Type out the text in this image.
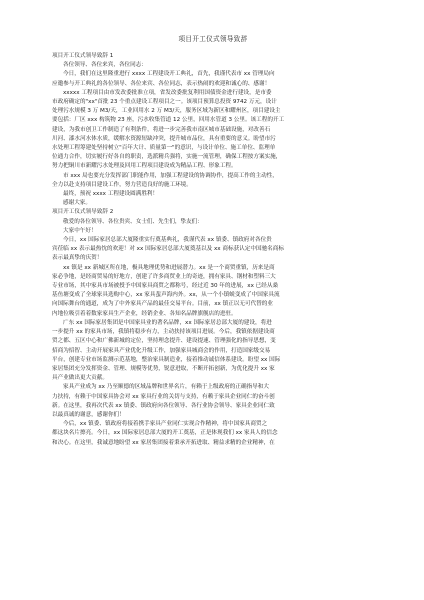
项目开工仪式领导致辞

项目开工仪式领导致辞 1

各位领导、各位来宾，各位同志：

今日，我们在这里隆重进行 xxxx 工程建设开工典礼，首先，我谨代表市 xx 管理局向

应邀参与开工典礼的各位领导、各位来宾、各位同志，表示热闹的欢迎和诚心的、感谢！

xxxxx 工程项目由市发改委批准立项，省发改委批复利用国债资金进行建设，是市委

市政府确定的"xx"首批 23 个重点建设工程项目之一。该项目预算总投资 9742 万元，设计

处理污水规模 3 万 M3/天，工业回用水 2 万 M3/天，服务区域为新区和耀州区，项目建设主

要包括：厂区 xxx 构筑物 23 座，污水收集管道 12 公里，回用水管道 3 公里。该工程的开工

建设，为我市创卫工作制造了有利条件，将进一步完善我市南区城市基础设施，对改善石

川河、漆水河水体水质，缓解水资源短缺冲突，提升城市品位，具有重要的意义。盼望市污

水处理工程筹建处坚持树立"百年大计、质量第一"的意识，与设计单位、施工单位、监理单

位通力合作，切实履行好各自的职责，选派精兵强将，实施一流管理，确保工程按方案实施，

努力把铜川市新耀污水处理及回用工程项目建设成为精品工程、形象工程。

市 xxx 局也要充分发挥部门职能作用，加强工程建设的协调协作，提高工作的主动性，

全力以赴支持项目建设工作，努力营造良好的施工环境。

最终，预祝 xxxx 工程建设圆满胜利！

感谢大家。

项目开工仪式领导致辞 2

敬爱的各位领导、各位贵宾、女士们、先生们，挚友们：

大家中午好！

今日，xx 国际家居总部大厦隆重实行奠基典礼，我谨代表 xx 镇委、镇政府对各位贵

宾莅临 xx 表示最热忱的欢迎！对 xx 国际家居总部大厦奠基以及 xx 商标获认定中国驰名商标

表示最真挚的庆贺！

xx 镇是 xx 新城区所在地，极具地理优势和进展潜力。xx 是一个商贸重镇，历来是商

家必争地，是经商贸易的好地方，创建了许多商贸业上的奇迹，拥有家具、钢材和塑料三大

专业市场，其中家具市场被授予中国家具商贸之都称号，经过近 30 年的进展，xx 已经从桑

基鱼塘变成了全球家具选购中心，xx 家具蜚声海内外。xx，从一个小镇蜕变成了中国家具流

向国际舞台的通道，成为了中外家具产品的最佳交易平台。目前，xx 镇正以无可代替的业

内地位吸引着着数家家具生产企业，经销企业、各知名品牌旗舰店的进驻。

广东 xx 国际家居集团是中国家具业的著名品牌，xx 国际家居总部大厦的建设，将进

一步提升 xx 的家具市场，我镇将稳步有力，主动扶持该项目进展。今后，我镇依据建设商

贸之都、五区中心和广佛新城的定位，坚持理念提升、建设提速、管理强化的指导思想，变

招商为招智、主动开展家具产业优化升级工作，加强家具城商会的作用，打造国家级交易

平台，创建专业市场监测示范基地，整治家具制造业，接着推动诚信体系建设。盼望 xx 国际

家居集团充分发挥资金、管理、规模等优势，锐意进取，不断开拓创新，为优化提升 xx 家

具产业做出更大贡献。

家具产业成为 xx 乃至顺德的区域品牌和世界名片，有赖于上级政府的正确指导和大

力扶持，有赖于中国家具协会对 xx 家具行业的关切与支持，有赖于家具企业同仁的奋斗创

新。在这里，我再次代表 xx 镇委、镇政府向各位领导、各行业协会领导、家具企业同仁致

以最真诚的谢意，感谢你们！

今后，xx 镇委、镇政府将接着携手家具产业同仁实现合作精神，将中国家具商贸之

都这块名片擦亮。今日，xx 国际家居总部大厦的开工奠基，正是体现我们 xx 家具人的信念

和决心。在这里，我诚意地盼望 xx 家居集团接着秉承开拓进取、精益求精的企业精神，在
